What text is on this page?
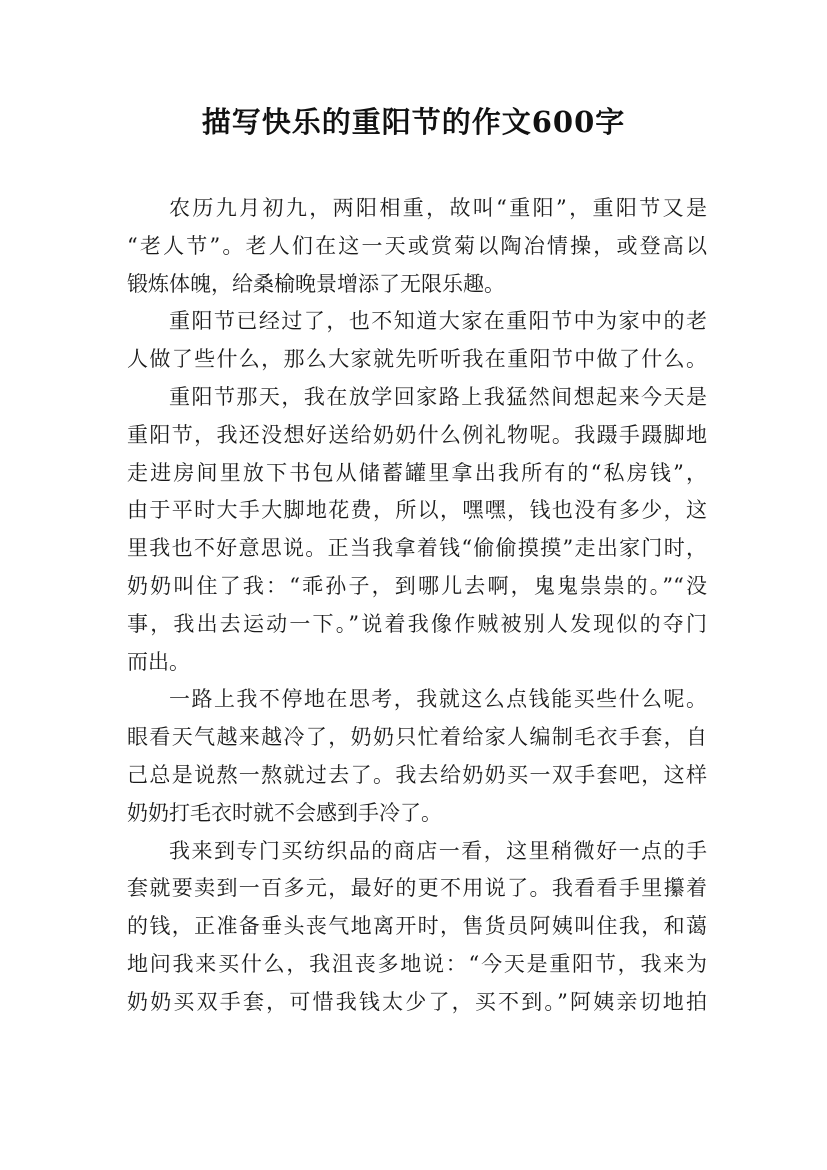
描写快乐的重阳节的作文600字
农历九月初九，两阳相重，故叫“重阳”，重阳节又是
“老人节”。老人们在这一天或赏菊以陶冶情操，或登高以
锻炼体魄，给桑榆晚景增添了无限乐趣。
重阳节已经过了，也不知道大家在重阳节中为家中的老
人做了些什么，那么大家就先听听我在重阳节中做了什么。
重阳节那天，我在放学回家路上我猛然间想起来今天是
重阳节，我还没想好送给奶奶什么例礼物呢。我蹑手蹑脚地
走进房间里放下书包从储蓄罐里拿出我所有的“私房钱”，
由于平时大手大脚地花费，所以，嘿嘿，钱也没有多少，这
里我也不好意思说。正当我拿着钱“偷偷摸摸”走出家门时，
奶奶叫住了我：“乖孙子，到哪儿去啊，鬼鬼祟祟的。”“没
事，我出去运动一下。”说着我像作贼被别人发现似的夺门
而出。
一路上我不停地在思考，我就这么点钱能买些什么呢。
眼看天气越来越冷了，奶奶只忙着给家人编制毛衣手套，自
己总是说熬一熬就过去了。我去给奶奶买一双手套吧，这样
奶奶打毛衣时就不会感到手冷了。
我来到专门买纺织品的商店一看，这里稍微好一点的手
套就要卖到一百多元，最好的更不用说了。我看看手里攥着
的钱，正准备垂头丧气地离开时，售货员阿姨叫住我，和蔼
地问我来买什么，我沮丧多地说：“今天是重阳节，我来为
奶奶买双手套，可惜我钱太少了，买不到。”阿姨亲切地拍
